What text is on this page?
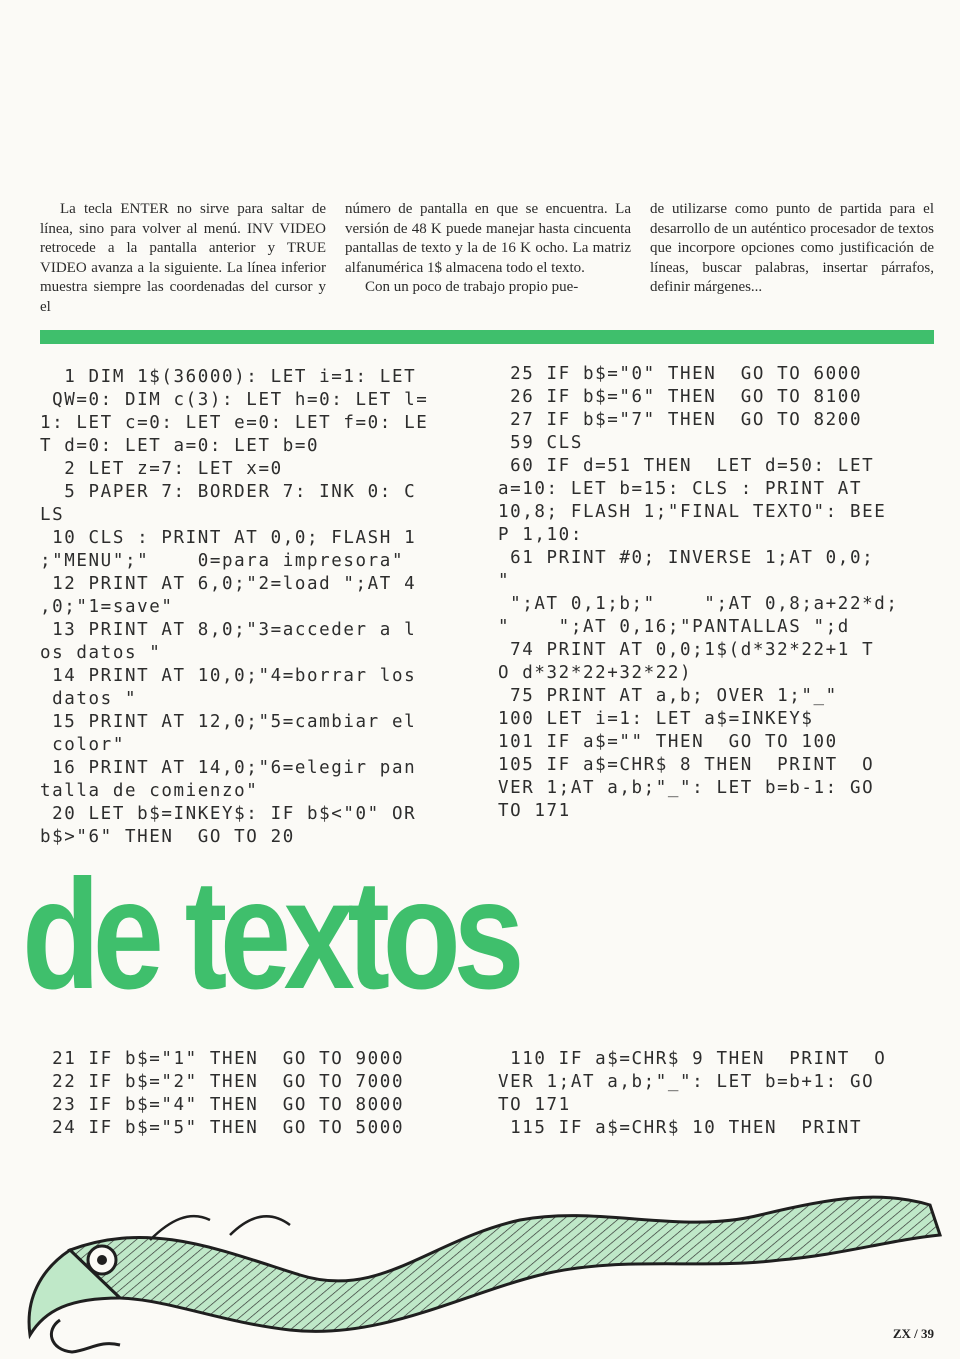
La tecla ENTER no sirve para saltar de línea, sino para volver al menú. INV VIDEO retrocede a la pantalla anterior y TRUE VIDEO avanza a la siguiente. La línea inferior muestra siempre las coordenadas del cursor y el

número de pantalla en que se encuentra. La versión de 48 K puede manejar hasta cincuenta pantallas de texto y la de 16 K ocho. La matriz alfanumérica 1$ almacena todo el texto.

Con un poco de trabajo propio pue-

de utilizarse como punto de partida para el desarrollo de un auténtico procesador de textos que incorpore opciones como justificación de líneas, buscar palabras, insertar párrafos, definir márgenes...

1 DIM 1$(36000): LET i=1: LET
QW=0: DIM c(3): LET h=0: LET l=
1: LET c=0: LET e=0: LET f=0: LE
T d=0: LET a=0: LET b=0
2 LET z=7: LET x=0
5 PAPER 7: BORDER 7: INK 0: C
LS
10 CLS : PRINT AT 0,0; FLASH 1
;"MENU";"    0=para impresora"
12 PRINT AT 6,0;"2=load ";AT 4
,0;"1=save"
13 PRINT AT 8,0;"3=acceder a l
os datos "
14 PRINT AT 10,0;"4=borrar los
datos "
15 PRINT AT 12,0;"5=cambiar el
color"
16 PRINT AT 14,0;"6=elegir pan
talla de comienzo"
20 LET b$=INKEY$: IF b$<"0" OR
b$>"6" THEN  GO TO 20
25 IF b$="0" THEN  GO TO 6000
26 IF b$="6" THEN  GO TO 8100
27 IF b$="7" THEN  GO TO 8200
59 CLS
60 IF d=51 THEN  LET d=50: LET
a=10: LET b=15: CLS : PRINT AT
10,8; FLASH 1;"FINAL TEXTO": BEE
P 1,10:
61 PRINT #0; INVERSE 1;AT 0,0;
"
";AT 0,1;b;"    ";AT 0,8;a+22*d;
"    ";AT 0,16;"PANTALLAS ";d
74 PRINT AT 0,0;1$(d*32*22+1 T
O d*32*22+32*22)
75 PRINT AT a,b; OVER 1;"_"
100 LET i=1: LET a$=INKEY$
101 IF a$="" THEN  GO TO 100
105 IF a$=CHR$ 8 THEN  PRINT  O
VER 1;AT a,b;"_": LET b=b-1: GO
TO 171
de textos
21 IF b$="1" THEN  GO TO 9000
22 IF b$="2" THEN  GO TO 7000
23 IF b$="4" THEN  GO TO 8000
24 IF b$="5" THEN  GO TO 5000
110 IF a$=CHR$ 9 THEN  PRINT  O
VER 1;AT a,b;"_": LET b=b+1: GO
TO 171
115 IF a$=CHR$ 10 THEN  PRINT
ZX / 39
